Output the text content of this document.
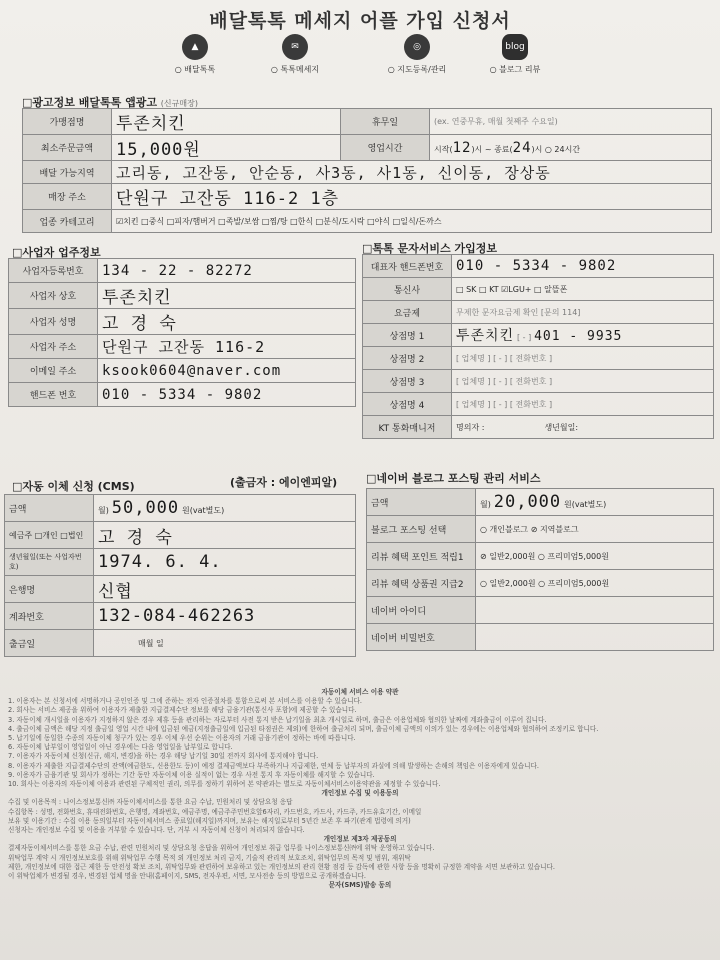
배달톡톡 메세지 어플 가입 신청서
▲
○ 배달톡톡
✉
○ 톡톡메세지
◎
○ 지도등록/관리
blog
○ 블로그 리뷰
□광고정보 배달톡톡 앱광고 (신규매장)
가맹점명	투존치킨	휴무일	(ex. 연중무휴, 매월 첫째주 수요일)
최소주문금액	15,000원	영업시간	시작(12)시 ~ 종료(24)시 ○ 24시간
배달 가능지역	고리동, 고잔동, 안순동, 사3동, 사1동, 신이동, 장상동		
매장 주소	단원구 고잔동 116-2 1층		
업종 카테고리	☑치킨 □중식 □피자/햄버거 □족발/보쌈 □찜/탕 □한식 □분식/도시락 □야식 □일식/돈까스		
□사업자 업주정보
사업자등록번호	134 - 22 - 82272
사업자 상호	투존치킨
사업자 성명	고 경 숙
사업자 주소	단원구 고잔동 116-2
이메일 주소	ksook0604@naver.com
핸드폰 번호	010 - 5334 - 9802
□톡톡 문자서비스 가입정보
대표자 핸드폰번호	010 - 5334 - 9802
통신사	□ SK □ KT ☑LGU+ □ 알뜰폰
요금제	무제한 문자요금제 확인 [문의 114]
상점명 1	투존치킨 [ - ] 401 - 9935
상점명 2	[ 업체명 ] [ - ] [ 전화번호 ]
상점명 3	[ 업체명 ] [ - ] [ 전화번호 ]
상점명 4	[ 업체명 ] [ - ] [ 전화번호 ]
KT 통화매니저	명의자 : 생년월일:
□자동 이체 신청 (CMS)	(출금자 : 에이엔피알)
금액	월) 50,000 원(vat별도)
예금주 □개인 □법인	고 경 숙
생년월일(또는 사업자번호)	1974. 6. 4.
은행명	신협
계좌번호	132-084-462263
출금일	매월 일
□네이버 블로그 포스팅 관리 서비스
금액	월) 20,000 원(vat별도)
블로그 포스팅 선택	○ 개인블로그 ⊘ 지역블로그
리뷰 혜택 포인트 적립1	⊘ 일반2,000원 ○ 프리미엄5,000원
리뷰 혜택 상품권 지급2	○ 일반2,000원 ○ 프리미엄5,000원
네이버 아이디	
네이버 비밀번호	
자동이체 서비스 이용 약관
1. 이용자는 본 신청서에 서명하거나 공인인증 및 그에 준하는 전자 인증절차를 통함으로써 본 서비스를 이용할 수 있습니다.
2. 회사는 서비스 제공을 위하여 이용자가 제출한 지급결제수단 정보를 해당 금융기관(통신사 포함)에 제공할 수 있습니다.
3. 자동이체 개시일을 이용자가 지정하지 않은 경우 제휴 등을 관리하는 자로부터 사전 통지 받은 납기일을 최초 개시일로 하며, 출금은 이용업체와 협의한 날짜에 계좌출금이 이루어 집니다.
4. 출금이체 금액은 해당 지정 출금일 영업 시간 내에 입금된 예금(지정출금일에 입금된 타점권은 제외)에 한하여 출금처리 되며, 출금이체 금액의 이의가 있는 경우에는 이용업체와 협의하여 조정키로 합니다.
5. 납기일에 동일한 수종의 자동이체 청구가 있는 경우 이체 우선 순위는 이용자의 거래 금융기관이 정하는 바에 따릅니다.
6. 자동이체 납부일이 영업일이 아닌 경우에는 다음 영업일을 납부일로 합니다.
7. 이용자가 자동이체 신청(신규, 해지, 변경)을 하는 경우 해당 납기일 30일 전까지 회사에 통지해야 합니다.
8. 이용자가 제출한 지급결제수단의 잔액(예금한도, 신용한도 등)이 예정 결제금액보다 부족하거나 지급제한, 연체 등 납부자의 과실에 의해 발생하는 손해의 책임은 이용자에게 있습니다.
9. 이용자가 금융기관 및 회사가 정하는 기간 동안 자동이체 이용 실적이 없는 경우 사전 통지 후 자동이체를 해지할 수 있습니다.
10. 회사는 이용자의 자동이체 이용과 관련된 구체적인 권리, 의무를 정하기 위하여 본 약관과는 별도로 자동이체서비스이용약관을 제정할 수 있습니다.
개인정보 수집 및 이용동의
수집 및 이용목적 : 나이스정보통신㈜ 자동이체서비스를 통한 요금 수납, 민원처리 및 상담요청 응답
수집항목 : 성명, 전화번호, 휴대전화번호, 은행명, 계좌번호, 예금주명, 예금주주민번호앞6자리, 카드번호, 카드사, 카드주, 카드유효기간, 이메일
보유 및 이용기간 : 수집 이용 동의일부터 자동이체서비스 종료일(해지일)까지며, 보유는 해지일로부터 5년간 보존 후 파기(관계 법령에 의거)
신청자는 개인정보 수집 및 이용을 거부할 수 있습니다. 단, 거부 시 자동이체 신청이 처리되지 않습니다.
개인정보 제3자 제공동의
결제자동이체서비스를 통한 요금 수납, 관련 민원처리 및 상담요청 응답을 위하여 개인정보 취급 업무를 나이스정보통신㈜에 위탁 운영하고 있습니다.
위탁업무 계약 시 개인정보보호를 위해 위탁업무 수행 목적 외 개인정보 처리 금지, 기술적 관리적 보호조치, 위탁업무의 목적 및 범위, 재위탁
제한, 개인정보에 대한 접근 제한 등 안전성 확보 조치, 위탁업무와 관련하여 보유하고 있는 개인정보의 관리 현황 점검 등 감독에 관한 사항 등을 명확히 규정한 계약을 서면 보관하고 있습니다.
이 위탁업체가 변경될 경우, 변경된 업체 명을 안내(홈페이지, SMS, 전자우편, 서면, 모사전송 등의 방법으로 공개하겠습니다.
문자(SMS)발송 동의
